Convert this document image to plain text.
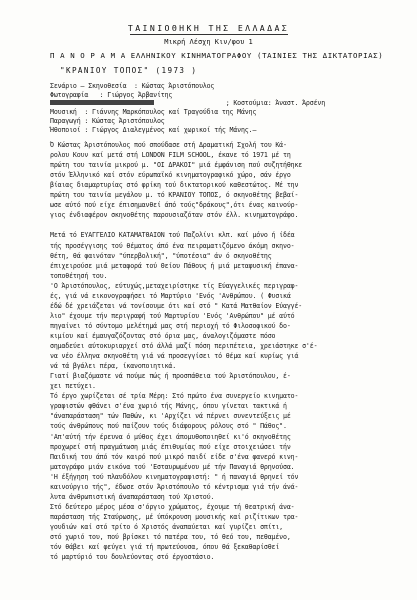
ΤΑΙΝΙΟΘΗΚΗ ΤΗΣ ΕΛΛΑΔΑΣ
Μικρή Λέσχη Κιν/φου 1
Π Α Ν Ο Ρ Α Μ Α ΕΛΛΗΝΙΚΟΥ ΚΙΝΗΜΑΤΟΓΡΑΦΟΥ (ΤΑΙΝΙΕΣ ΤΗΣ ΔΙΚΤΑΤΟΡΙΑΣ)
"ΚΡΑΝΙΟΥ ΤΟΠΟΣ" (1973 )
Σενάριο – Σκηνοθεσία  : Κώστας Άριστόπουλος
Φωτογραφία   : Γιώργος Άρβανίτης
; Κοστούμια: Άναστ. Άρσένη
Μουσική  : Γιάννης Μαρκόπουλος καί Τραγούδια της Μάνης
Παραγωγή : Κώστας Άριστόπουλος
Ήθοποιοί : Γιώργος Διαλεγμένος καί χωρικοί τής Μάνης.–
Ό Κώστας Άριστόπουλος πού σπούδασε στή Δραματική Σχολή του Κά-
ρολου Κουν καί μετά στή LONDON FILM SCHOOL, έκανε τό 1971 μέ τη
πρώτη του ταινία μικρού μ. "ΟΙ ΔΡΑΚΟΙ" μιά έμφάνιση πού συζητήθηκε
στόν Έλληνικό καί στόν εύρωπαϊκό κινηματογραφικό χώρο, σάν έργο
βίαιας διαμαρτυρίας στό φρίκη τού δικτατορικού καθεστώτος. Μέ την
πρώτη του ταινία μεγάλου μ. τό ΚΡΑΝΙΟΥ ΤΟΠΟΣ, ό σκηνοθέτης βεβαί-
ωσε αύτό πού είχε έπισημανθεί άπό τούς"δράκους",ότι ένας καινούρ-
γιος ένδιαφέρον σκηνοθέτης παρουσιαζόταν στόν έλλ. κινηματογράφο.
Μετά τό ΕΥΑΓΓΕΛΙΟ ΚΑΤΑΜΑΤΘΑΙΟΝ τού Παζολίνι κλπ. καί μόνο ή ίδέα
τής προσέγγισης τού θέματος άπό ένα πειραματιζόμενο άκόμη σκηνο-
θέτη, θά φαινόταν "ύπερβολική", "ύποτέσια" άν ό σκηνοθέτης
έπιχειρούσε μιά μεταφορά τού Θείου Πάθους ή μιά μεταφυσική έπανα-
τοποθέτησή του.
'Ο Άριστόπουλος, εύτυχώς,μεταχειρίστηκε τίς Εύαγγελικές περιγραφ-
ές, γιά νά εικονογραφήσει τό Μαρτύριο 'Ενός 'Ανθρώπου. ( Φυσικά
έδώ δέ χρειάζεται νά τονίσουμε ότι καί στό " Κατά Ματθαίον Εύαγγέ-
λιο" έχουμε τήν περιγραφή τού Μαρτυρίου 'Ενός 'Ανθρώπου" μέ αύτό
πηγαίνει τό σύντομο μελέτημά μας στή περιοχή τό Φιλοσοφικού δο-
κιμίου καί έμαυγαζόζοντας στό όρια μας, άναλογιζόμαστε πόσο
σημαδεύει αύτοκυριαρχεί στό άλλά μαζί πόση περιπέτεια, χρειάστηκε σ'έ-
να νέο έλληνα σκηνοθέτη γιά νά προσεγγίσει τό θέμα καί κυρίως γιά
νά τά βγάλει πέρα, ίκανοποιητικά.
Γιατί βιαζόμαστε νά πούμε πώς ή προσπάθεια τού Άριστόπουλου, έ-
χει πετύχει.
Τό έργο χωρίζεται σέ τρία Μέρη: Στό πρώτο ένα συνεργείο κινηματο-
γραφιστών φθάνει σ'ένα χωριό τής Μάνης, όπου γίνεται τακτικά ή
"άναπαράσταση" τών Παθών, κι 'Αρχίζει νά πέρνει συνεντεύξεις μέ
τούς άνθρώπους πού παίζουν τούς διάφορους ρόλους στό " Πάθος".
'Απ'αύτή τήν έρευνα ό μύθος έχει άπομυθοποιηθεί κι'ό σκηνοθέτης
προχωρεί στή πραγμάτωση μιάς έπιθυμίας πού είχε στοιχειώσει τήν
Παιδική του άπό τόν καιρό πού μικρό παιδί είδε σ'ένα φανερό κινη-
ματογράφο μιάν εικόνα τού 'Εσταυρωμένου μέ τήν Παναγιά θρηνούσα.
'Η έξήγηση τού πλαυδόλου κινηματογραφιστή: " ή παναγιά θρηνεί τόν
καινούργιο τής", έδωσε στόν Άριστόπουλο τό κέντρισμα γιά τήν άνά-
λυτα άνθρωπιστική άναπαράσταση τού Χριστού.
Στό δεύτερο μέρος μέσα σ'όργιο χρώματος, έχουμε τή θεατρική άνα-
παράσταση τής Σταύρωσης, μέ ύπόκρουση μουσικής καί ριζίτικων τρα-
γουδιών καί στό τρίτο ό Χριστός άναπαύεται καί γυρίζει σπίτι,
στό χωριό του, πού βρίσκει τό πατέρα του, τό θεό του, πεθαμένο,
τόν θάβει καί φεύγει γιά τή πρωτεύουσα, όπου θά ξεκαθαρίσθεί
τό μαρτύριό του δουλεύοντας στό έργοστάσιο.
